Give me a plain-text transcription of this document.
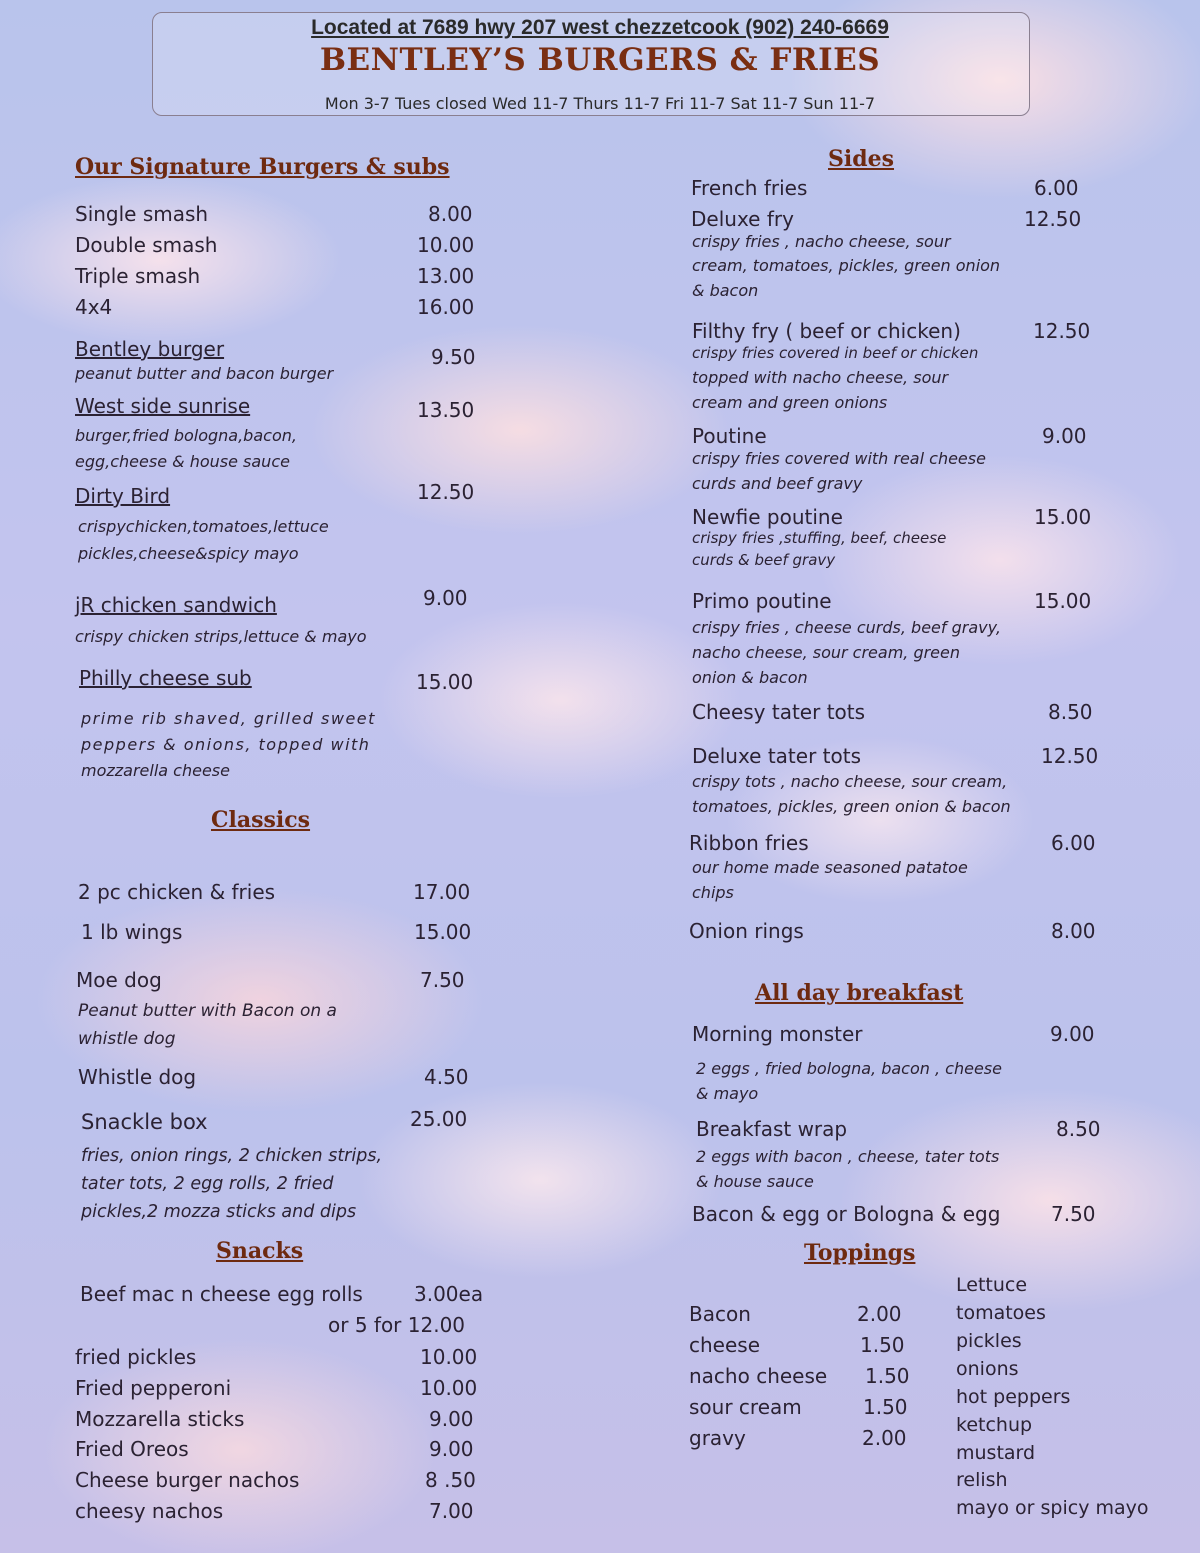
Located at 7689 hwy 207 west chezzetcook (902) 240-6669
BENTLEY’S BURGERS & FRIES
Mon 3-7 Tues closed Wed 11-7 Thurs 11-7 Fri 11-7 Sat 11-7 Sun 11-7
Our Signature Burgers & subs
Single smash	8.00
Double smash	10.00
Triple smash	13.00
4x4	16.00
Bentley burger	9.50
peanut butter and bacon burger
West side sunrise	13.50
burger,fried bologna,bacon,
egg,cheese & house sauce
Dirty Bird	12.50
crispychicken,tomatoes,lettuce
pickles,cheese&spicy mayo
jR chicken sandwich	9.00
crispy chicken strips,lettuce & mayo
Philly cheese sub	15.00
prime rib shaved, grilled sweet
peppers & onions, topped with
mozzarella cheese
Classics
2 pc chicken & fries	17.00
1 lb wings	15.00
Moe dog	7.50
Peanut butter with Bacon on a
whistle dog
Whistle dog	4.50
Snackle box	25.00
fries, onion rings, 2 chicken strips,
tater tots, 2 egg rolls, 2 fried
pickles,2 mozza sticks and dips
Snacks
Beef mac n cheese egg rolls	3.00ea
or 5 for 12.00
fried pickles	10.00
Fried pepperoni	10.00
Mozzarella sticks	9.00
Fried Oreos	9.00
Cheese burger nachos	8 .50
cheesy nachos	7.00
Sides
French fries	6.00
Deluxe fry	12.50
crispy fries , nacho cheese, sour
cream, tomatoes, pickles, green onion
& bacon
Filthy fry ( beef or chicken)	12.50
crispy fries covered in beef or chicken
topped with nacho cheese, sour
cream and green onions
Poutine	9.00
crispy fries covered with real cheese
curds and beef gravy
Newfie poutine	15.00
crispy fries ,stuffing, beef, cheese
curds & beef gravy
Primo poutine	15.00
crispy fries , cheese curds, beef gravy,
nacho cheese, sour cream, green
onion & bacon
Cheesy tater tots	8.50
Deluxe tater tots	12.50
crispy tots , nacho cheese, sour cream,
tomatoes, pickles, green onion & bacon
Ribbon fries	6.00
our home made seasoned patatoe
chips
Onion rings	8.00
All day breakfast
Morning monster	9.00
2 eggs , fried bologna, bacon , cheese
& mayo
Breakfast wrap	8.50
2 eggs with bacon , cheese, tater tots
& house sauce
Bacon & egg or Bologna & egg	7.50
Toppings
Bacon	2.00
cheese	1.50
nacho cheese 1.50
sour cream	1.50
gravy	2.00
Lettuce
tomatoes
pickles
onions
hot peppers
ketchup
mustard
relish
mayo or spicy mayo
